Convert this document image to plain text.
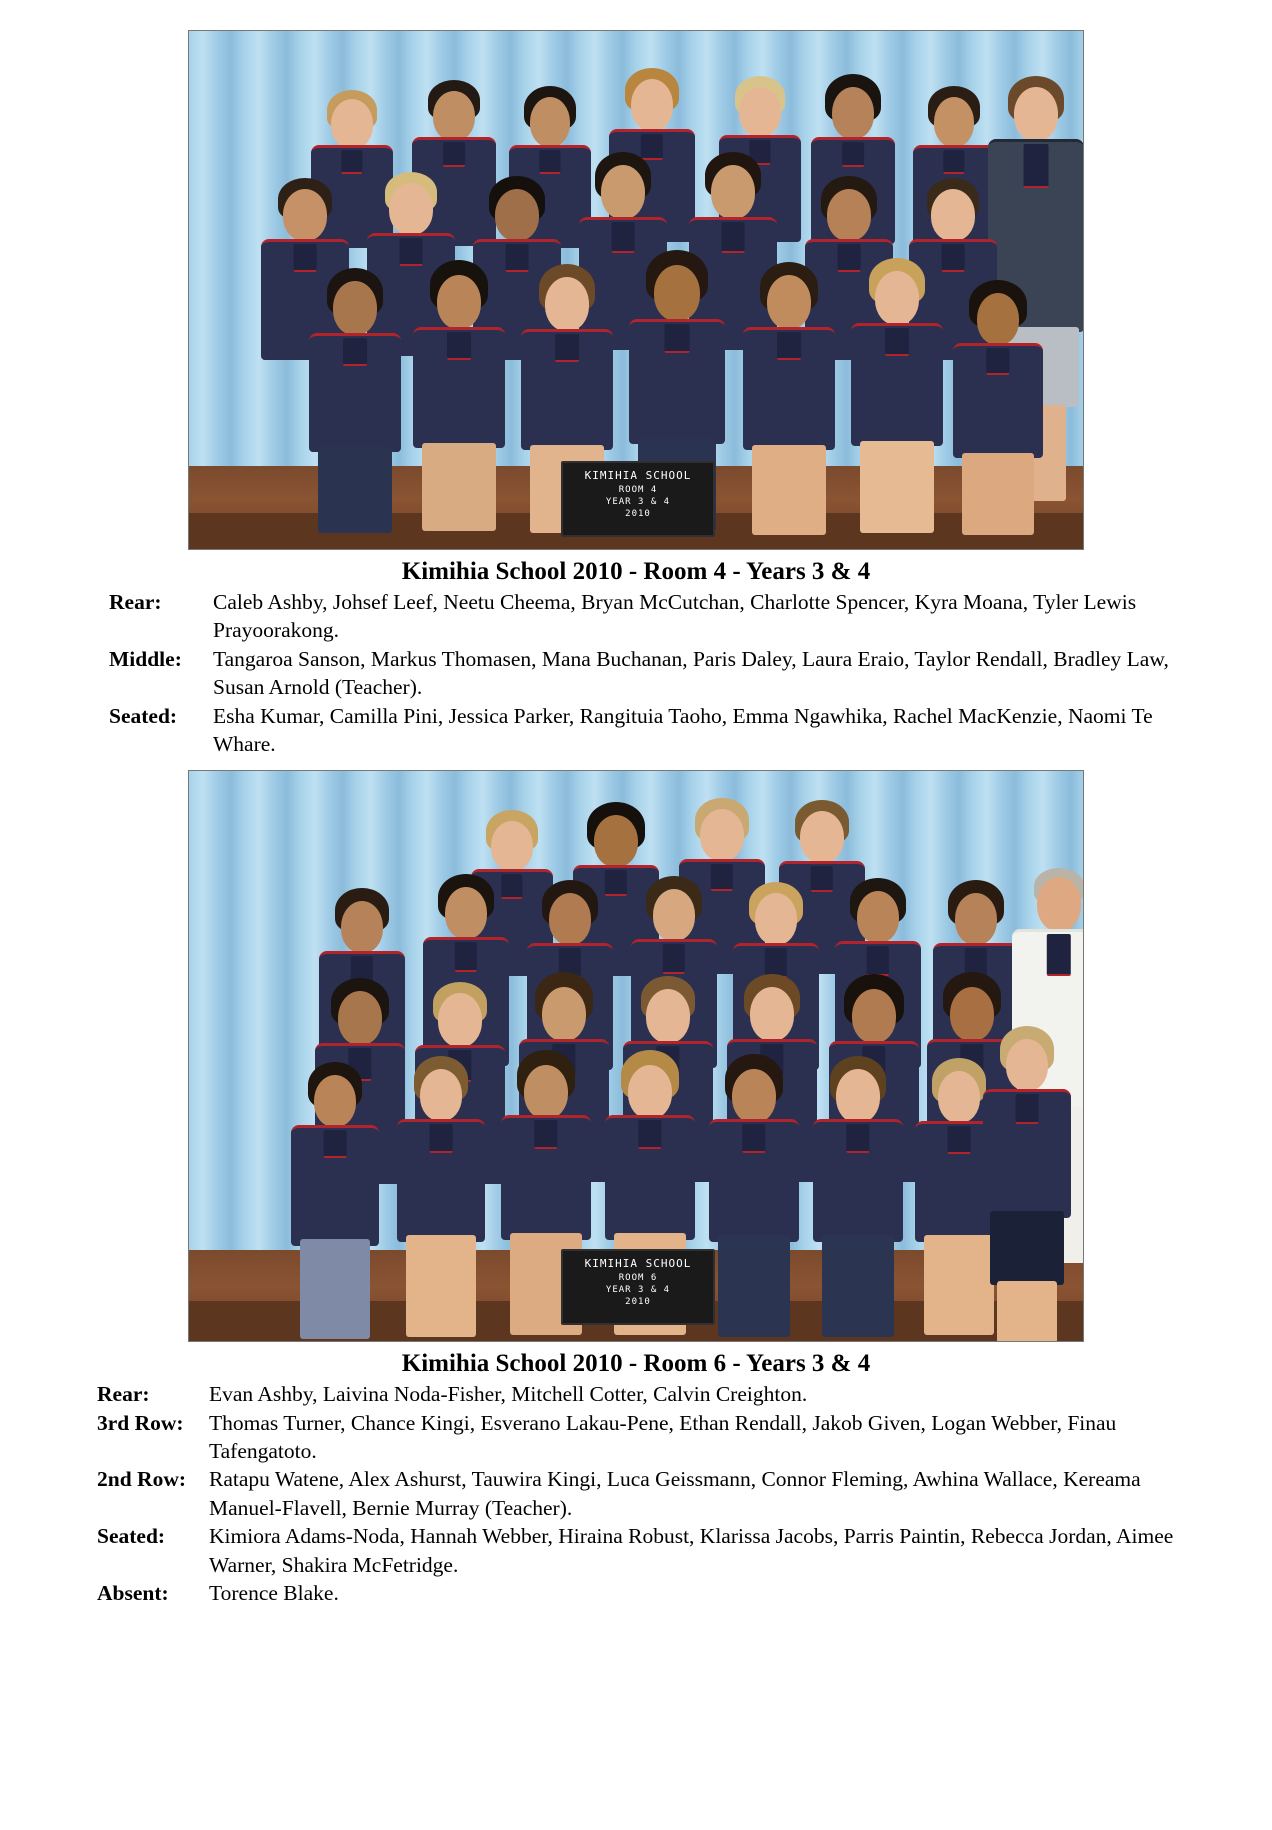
KIMIHIA SCHOOL
ROOM 4
YEAR 3 & 4
2010
Kimihia School 2010 - Room 4 - Years 3 & 4
Rear:	Caleb Ashby, Johsef Leef, Neetu Cheema, Bryan McCutchan, Charlotte Spencer, Kyra Moana, Tyler Lewis Prayoorakong.
Middle:	Tangaroa Sanson, Markus Thomasen, Mana Buchanan, Paris Daley, Laura Eraio, Taylor Rendall, Bradley Law, Susan Arnold (Teacher).
Seated:	Esha Kumar, Camilla Pini, Jessica Parker, Rangituia Taoho, Emma Ngawhika, Rachel MacKenzie, Naomi Te Whare.
KIMIHIA SCHOOL
ROOM 6
YEAR 3 & 4
2010
Kimihia School 2010 - Room 6 - Years 3 & 4
Rear:	Evan Ashby, Laivina Noda-Fisher, Mitchell Cotter, Calvin Creighton.
3rd Row:	Thomas Turner, Chance Kingi, Esverano Lakau-Pene, Ethan Rendall, Jakob Given, Logan Webber, Finau Tafengatoto.
2nd Row:	Ratapu Watene, Alex Ashurst, Tauwira Kingi, Luca Geissmann, Connor Fleming, Awhina Wallace, Kereama Manuel-Flavell, Bernie Murray (Teacher).
Seated:	Kimiora Adams-Noda, Hannah Webber, Hiraina Robust, Klarissa Jacobs, Parris Paintin, Rebecca Jordan, Aimee Warner, Shakira McFetridge.
Absent:	Torence Blake.
